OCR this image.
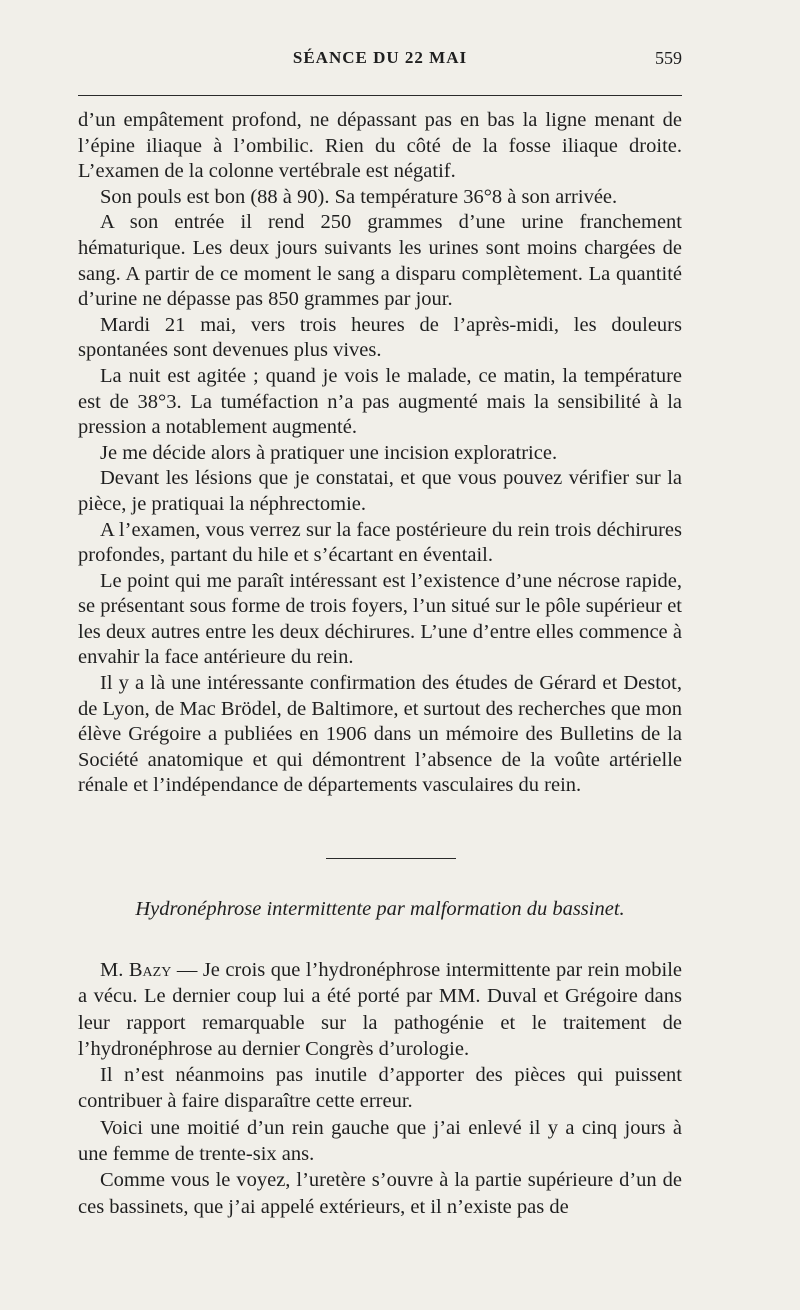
SÉANCE DU 22 MAI	559

d’un empâtement profond, ne dépassant pas en bas la ligne menant de l’épine iliaque à l’ombilic. Rien du côté de la fosse iliaque droite. L’examen de la colonne vertébrale est négatif.

Son pouls est bon (88 à 90). Sa température 36°8 à son arrivée.

A son entrée il rend 250 grammes d’une urine franchement hématurique. Les deux jours suivants les urines sont moins chargées de sang. A partir de ce moment le sang a disparu complètement. La quantité d’urine ne dépasse pas 850 grammes par jour.

Mardi 21 mai, vers trois heures de l’après-midi, les douleurs spontanées sont devenues plus vives.

La nuit est agitée ; quand je vois le malade, ce matin, la température est de 38°3. La tuméfaction n’a pas augmenté mais la sensibilité à la pression a notablement augmenté.

Je me décide alors à pratiquer une incision exploratrice.

Devant les lésions que je constatai, et que vous pouvez vérifier sur la pièce, je pratiquai la néphrectomie.

A l’examen, vous verrez sur la face postérieure du rein trois déchirures profondes, partant du hile et s’écartant en éventail.

Le point qui me paraît intéressant est l’existence d’une nécrose rapide, se présentant sous forme de trois foyers, l’un situé sur le pôle supérieur et les deux autres entre les deux déchirures. L’une d’entre elles commence à envahir la face antérieure du rein.

Il y a là une intéressante confirmation des études de Gérard et Destot, de Lyon, de Mac Brödel, de Baltimore, et surtout des recherches que mon élève Grégoire a publiées en 1906 dans un mémoire des Bulletins de la Société anatomique et qui démontrent l’absence de la voûte artérielle rénale et l’indépendance de départements vasculaires du rein.

Hydronéphrose intermittente par malformation du bassinet.

M. Bazy — Je crois que l’hydronéphrose intermittente par rein mobile a vécu. Le dernier coup lui a été porté par MM. Duval et Grégoire dans leur rapport remarquable sur la pathogénie et le traitement de l’hydronéphrose au dernier Congrès d’urologie.

Il n’est néanmoins pas inutile d’apporter des pièces qui puissent contribuer à faire disparaître cette erreur.

Voici une moitié d’un rein gauche que j’ai enlevé il y a cinq jours à une femme de trente-six ans.

Comme vous le voyez, l’uretère s’ouvre à la partie supérieure d’un de ces bassinets, que j’ai appelé extérieurs, et il n’existe pas de
